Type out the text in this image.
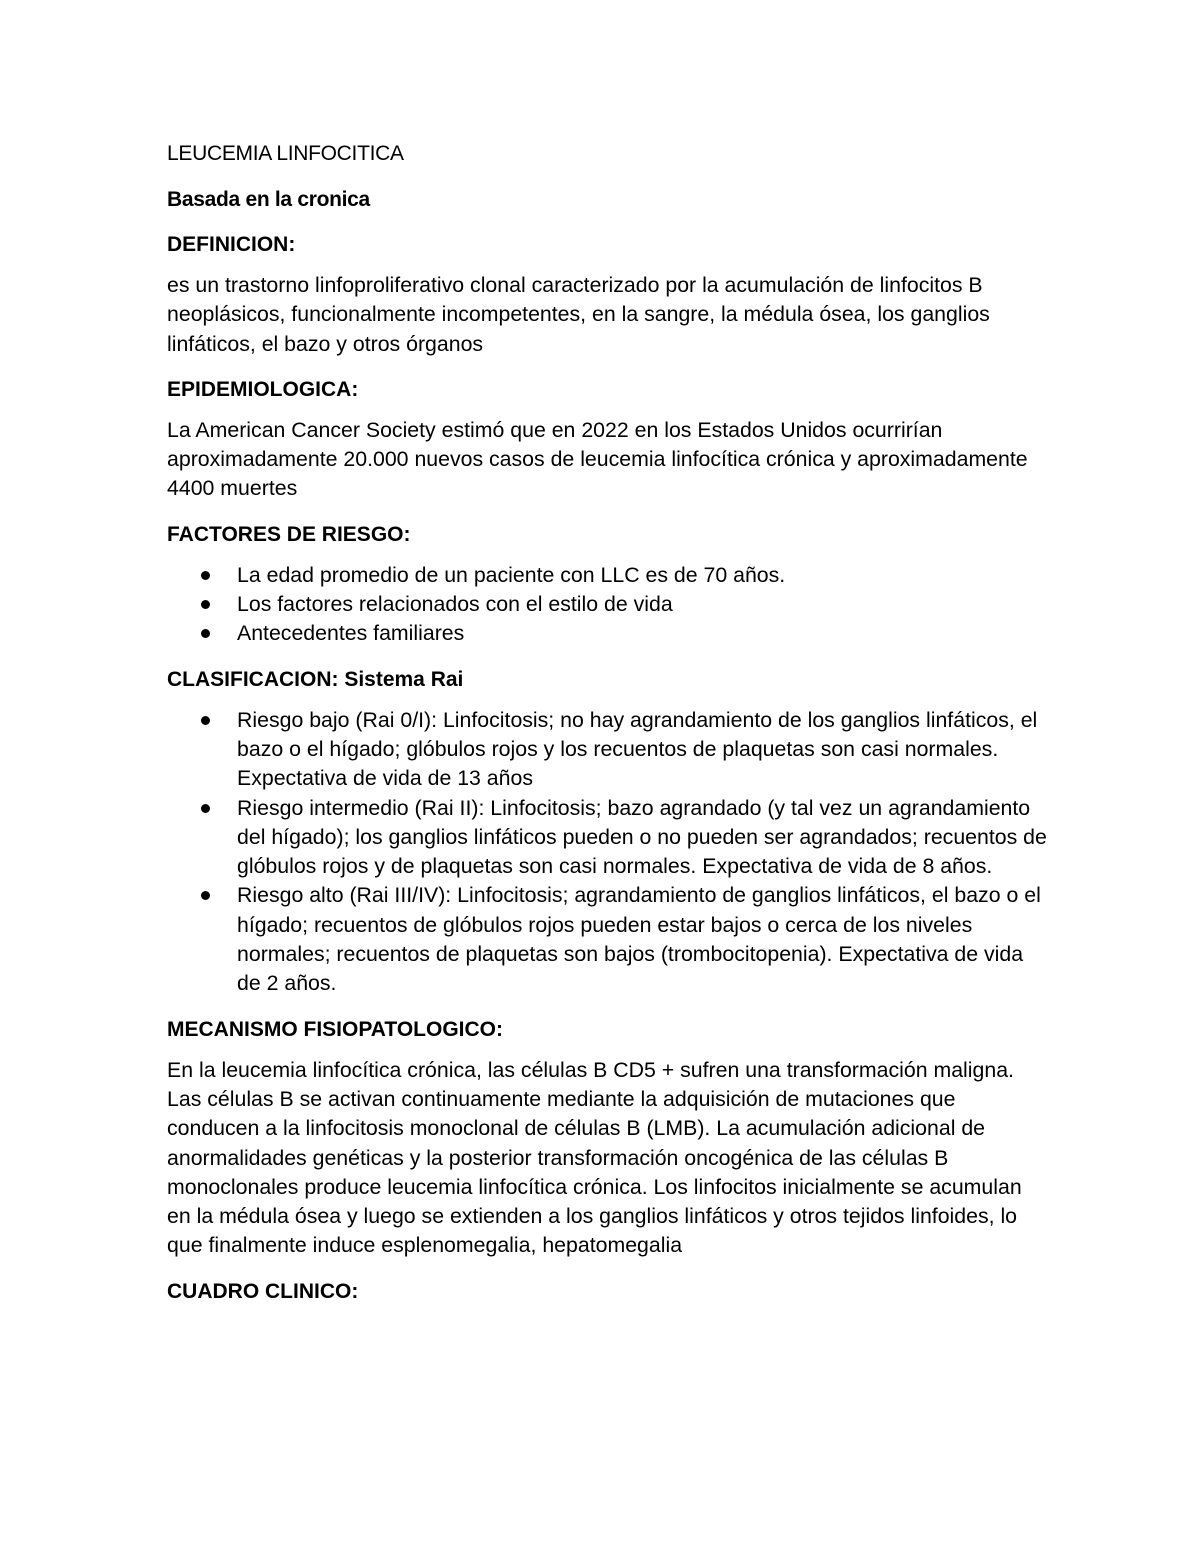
LEUCEMIA LINFOCITICA
Basada en la cronica
DEFINICION:
es un trastorno linfoproliferativo clonal caracterizado por la acumulación de linfocitos B neoplásicos, funcionalmente incompetentes, en la sangre, la médula ósea, los ganglios linfáticos, el bazo y otros órganos
EPIDEMIOLOGICA:
La American Cancer Society estimó que en 2022 en los Estados Unidos ocurrirían aproximadamente 20.000 nuevos casos de leucemia linfocítica crónica y aproximadamente 4400 muertes
FACTORES DE RIESGO:
La edad promedio de un paciente con LLC es de 70 años.
Los factores relacionados con el estilo de vida
Antecedentes familiares
CLASIFICACION: Sistema Rai
Riesgo bajo (Rai 0/I): Linfocitosis; no hay agrandamiento de los ganglios linfáticos, el bazo o el hígado; glóbulos rojos y los recuentos de plaquetas son casi normales. Expectativa de vida de 13 años
Riesgo intermedio (Rai II): Linfocitosis; bazo agrandado (y tal vez un agrandamiento del hígado); los ganglios linfáticos pueden o no pueden ser agrandados; recuentos de glóbulos rojos y de plaquetas son casi normales. Expectativa de vida de 8 años.
Riesgo alto (Rai III/IV): Linfocitosis; agrandamiento de ganglios linfáticos, el bazo o el hígado; recuentos de glóbulos rojos pueden estar bajos o cerca de los niveles normales; recuentos de plaquetas son bajos (trombocitopenia). Expectativa de vida de 2 años.
MECANISMO FISIOPATOLOGICO:
En la leucemia linfocítica crónica, las células B CD5 + sufren una transformación maligna. Las células B se activan continuamente mediante la adquisición de mutaciones que conducen a la linfocitosis monoclonal de células B (LMB). La acumulación adicional de anormalidades genéticas y la posterior transformación oncogénica de las células B monoclonales produce leucemia linfocítica crónica. Los linfocitos inicialmente se acumulan en la médula ósea y luego se extienden a los ganglios linfáticos y otros tejidos linfoides, lo que finalmente induce esplenomegalia, hepatomegalia
CUADRO CLINICO:
